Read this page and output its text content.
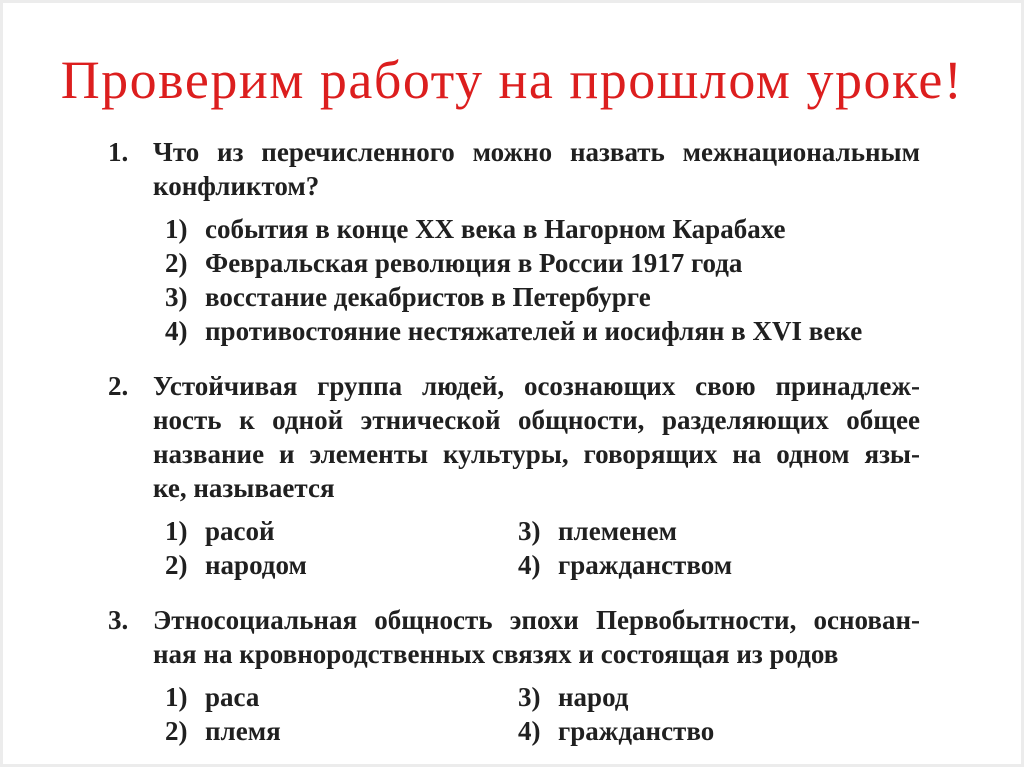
Проверим работу на прошлом уроке!
1. Что из перечисленного можно назвать межнациональным
конфликтом?
1) события в конце XX века в Нагорном Карабахе
2) Февральская революция в России 1917 года
3) восстание декабристов в Петербурге
4) противостояние нестяжателей и иосифлян в XVI веке
2. Устойчивая группа людей, осознающих свою принадлеж-
ность к одной этнической общности, разделяющих общее
название и элементы культуры, говорящих на одном язы-
ке, называется
1) расой
2) народом
3) племенем
4) гражданством
3. Этносоциальная общность эпохи Первобытности, основан-
ная на кровнородственных связях и состоящая из родов
1) раса
2) племя
3) народ
4) гражданство
